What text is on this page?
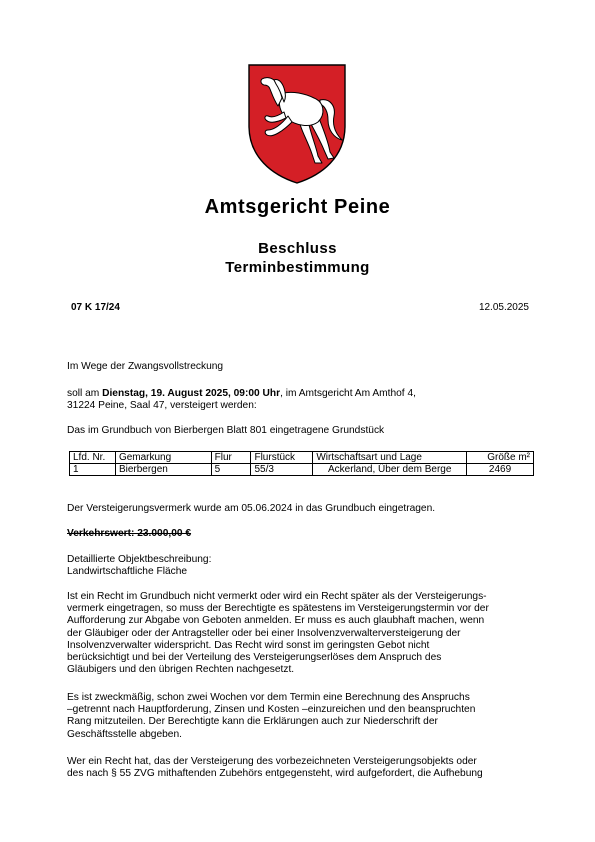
Amtsgericht Peine
Beschluss
Terminbestimmung
07 K 17/24	12.05.2025
Im Wege der Zwangsvollstreckung

soll am Dienstag, 19. August 2025, 09:00 Uhr, im Amtsgericht Am Amthof 4,

31224 Peine, Saal 47, versteigert werden:

Das im Grundbuch von Bierbergen Blatt 801 eingetragene Grundstück
Lfd. Nr.	Gemarkung	Flur	Flurstück	Wirtschaftsart und Lage	Größe m²
1	Bierbergen	5	55/3	Ackerland, Über dem Berge	2469
Der Versteigerungsvermerk wurde am 05.06.2024 in das Grundbuch eingetragen.
Verkehrswert: 23.000,00 €

Detaillierte Objektbeschreibung:

Landwirtschaftliche Fläche

Ist ein Recht im Grundbuch nicht vermerkt oder wird ein Recht später als der Versteigerungs-

vermerk eingetragen, so muss der Berechtigte es spätestens im Versteigerungstermin vor der

Aufforderung zur Abgabe von Geboten anmelden. Er muss es auch glaubhaft machen, wenn

der Gläubiger oder der Antragsteller oder bei einer Insolvenzverwalterversteigerung der

Insolvenzverwalter widerspricht. Das Recht wird sonst im geringsten Gebot nicht

berücksichtigt und bei der Verteilung des Versteigerungserlöses dem Anspruch des

Gläubigers und den übrigen Rechten nachgesetzt.

Es ist zweckmäßig, schon zwei Wochen vor dem Termin eine Berechnung des Anspruchs

–getrennt nach Hauptforderung, Zinsen und Kosten –einzureichen und den beanspruchten

Rang mitzuteilen. Der Berechtigte kann die Erklärungen auch zur Niederschrift der

Geschäftsstelle abgeben.

Wer ein Recht hat, das der Versteigerung des vorbezeichneten Versteigerungsobjekts oder

des nach § 55 ZVG mithaftenden Zubehörs entgegensteht, wird aufgefordert, die Aufhebung
